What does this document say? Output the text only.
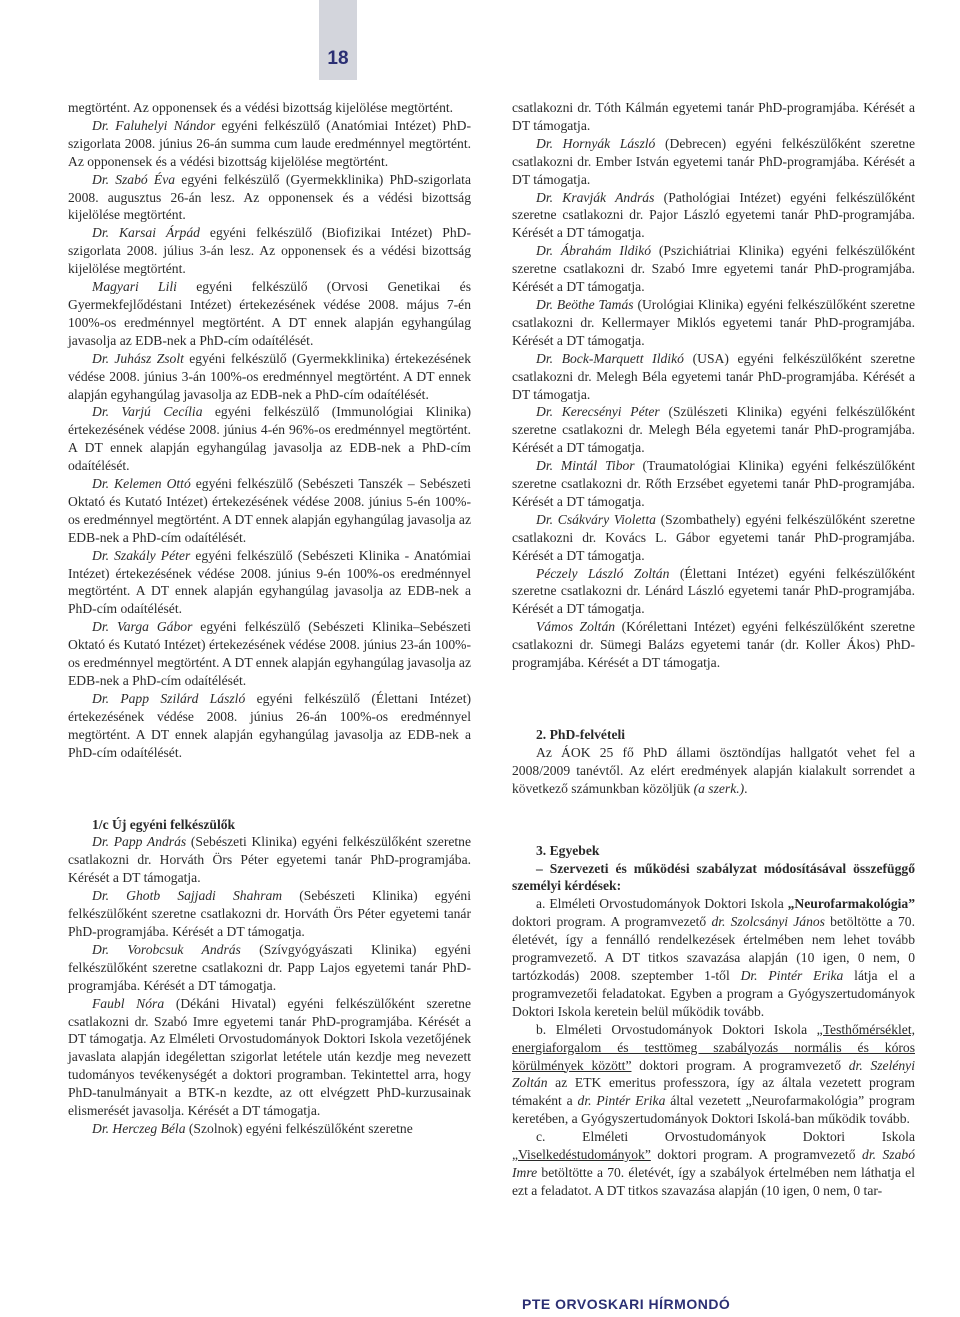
18

megtörtént. Az opponensek és a védési bizottság kijelölése megtörtént.

Dr. Faluhelyi Nándor egyéni felkészülő (Anatómiai Intézet) PhD-szigorlata 2008. június 26-án summa cum laude eredménnyel megtörtént. Az opponensek és a védési bizottság kijelölése megtörtént.

Dr. Szabó Éva egyéni felkészülő (Gyermekklinika) PhD-szigorlata 2008. augusztus 26-án lesz. Az opponensek és a védési bizottság kijelölése megtörtént.

Dr. Karsai Árpád egyéni felkészülő (Biofizikai Intézet) PhD-szigorlata 2008. július 3-án lesz. Az opponensek és a védési bizottság kijelölése megtörtént.

Magyari Lili egyéni felkészülő (Orvosi Genetikai és Gyermekfejlődéstani Intézet) értekezésének védése 2008. május 7-én 100%-os eredménnyel megtörtént. A DT ennek alapján egyhangúlag javasolja az EDB-nek a PhD-cím odaítélését.

Dr. Juhász Zsolt egyéni felkészülő (Gyermekklinika) értekezésének védése 2008. június 3-án 100%-os eredménnyel megtörtént. A DT ennek alapján egyhangúlag javasolja az EDB-nek a PhD-cím odaítélését.

Dr. Varjú Cecília egyéni felkészülő (Immunológiai Klinika) értekezésének védése 2008. június 4-én 96%-os eredménnyel megtörtént. A DT ennek alapján egyhangúlag javasolja az EDB-nek a PhD-cím odaítélését.

Dr. Kelemen Ottó egyéni felkészülő (Sebészeti Tanszék – Sebészeti Oktató és Kutató Intézet) értekezésének védése 2008. június 5-én 100%-os eredménnyel megtörtént. A DT ennek alapján egyhangúlag javasolja az EDB-nek a PhD-cím odaítélését.

Dr. Szakály Péter egyéni felkészülő (Sebészeti Klinika - Anatómiai Intézet) értekezésének védése 2008. június 9-én 100%-os eredménnyel megtörtént. A DT ennek alapján egyhangúlag javasolja az EDB-nek a PhD-cím odaítélését.

Dr. Varga Gábor egyéni felkészülő (Sebészeti Klinika–Sebészeti Oktató és Kutató Intézet) értekezésének védése 2008. június 23-án 100%-os eredménnyel megtörtént. A DT ennek alapján egyhangúlag javasolja az EDB-nek a PhD-cím odaítélését.

Dr. Papp Szilárd László egyéni felkészülő (Élettani Intézet) értekezésének védése 2008. június 26-án 100%-os eredménnyel megtörtént. A DT ennek alapján egyhangúlag javasolja az EDB-nek a PhD-cím odaítélését.

1/c Új egyéni felkészülők

Dr. Papp András (Sebészeti Klinika) egyéni felkészülőként szeretne csatlakozni dr. Horváth Örs Péter egyetemi tanár PhD-programjába. Kérését a DT támogatja.

Dr. Ghotb Sajjadi Shahram (Sebészeti Klinika) egyéni felkészülőként szeretne csatlakozni dr. Horváth Örs Péter egyetemi tanár PhD-programjába. Kérését a DT támogatja.

Dr. Vorobcsuk András (Szívgyógyászati Klinika) egyéni felkészülőként szeretne csatlakozni dr. Papp Lajos egyetemi tanár PhD-programjába. Kérését a DT támogatja.

Faubl Nóra (Dékáni Hivatal) egyéni felkészülőként szeretne csatlakozni dr. Szabó Imre egyetemi tanár PhD-programjába. Kérését a DT támogatja. Az Elméleti Orvostudományok Doktori Iskola vezetőjének javaslata alapján idegélettan szigorlat letétele után kezdje meg nevezett tudományos tevékenységét a doktori programban. Tekintettel arra, hogy PhD-tanulmányait a BTK-n kezdte, az ott elvégzett PhD-kurzusainak elismerését javasolja. Kérését a DT támogatja.

Dr. Herczeg Béla (Szolnok) egyéni felkészülőként szeretne

csatlakozni dr. Tóth Kálmán egyetemi tanár PhD-programjába. Kérését a DT támogatja.

Dr. Hornyák László (Debrecen) egyéni felkészülőként szeretne csatlakozni dr. Ember István egyetemi tanár PhD-programjába. Kérését a DT támogatja.

Dr. Kravják András (Pathológiai Intézet) egyéni felkészülőként szeretne csatlakozni dr. Pajor László egyetemi tanár PhD-programjába. Kérését a DT támogatja.

Dr. Ábrahám Ildikó (Pszichiátriai Klinika) egyéni felkészülőként szeretne csatlakozni dr. Szabó Imre egyetemi tanár PhD-programjába. Kérését a DT támogatja.

Dr. Beöthe Tamás (Urológiai Klinika) egyéni felkészülőként szeretne csatlakozni dr. Kellermayer Miklós egyetemi tanár PhD-programjába. Kérését a DT támogatja.

Dr. Bock-Marquett Ildikó (USA) egyéni felkészülőként szeretne csatlakozni dr. Melegh Béla egyetemi tanár PhD-programjába. Kérését a DT támogatja.

Dr. Kerecsényi Péter (Szülészeti Klinika) egyéni felkészülőként szeretne csatlakozni dr. Melegh Béla egyetemi tanár PhD-programjába. Kérését a DT támogatja.

Dr. Mintál Tibor (Traumatológiai Klinika) egyéni felkészülőként szeretne csatlakozni dr. Rőth Erzsébet egyetemi tanár PhD-programjába. Kérését a DT támogatja.

Dr. Csákváry Violetta (Szombathely) egyéni felkészülőként szeretne csatlakozni dr. Kovács L. Gábor egyetemi tanár PhD-programjába. Kérését a DT támogatja.

Péczely László Zoltán (Élettani Intézet) egyéni felkészülőként szeretne csatlakozni dr. Lénárd László egyetemi tanár PhD-programjába. Kérését a DT támogatja.

Vámos Zoltán (Kórélettani Intézet) egyéni felkészülőként szeretne csatlakozni dr. Sümegi Balázs egyetemi tanár (dr. Koller Ákos) PhD-programjába. Kérését a DT támogatja.

2. PhD-felvételi

Az ÁOK 25 fő PhD állami ösztöndíjas hallgatót vehet fel a 2008/2009 tanévtől. Az elért eredmények alapján kialakult sorrendet a következő számunkban közöljük (a szerk.).

3. Egyebek

– Szervezeti és működési szabályzat módosításával összefüggő személyi kérdések:

a. Elméleti Orvostudományok Doktori Iskola „Neurofarmakológia” doktori program. A programvezető dr. Szolcsányi János betöltötte a 70. életévét, így a fennálló rendelkezések értelmében nem lehet tovább programvezető. A DT titkos szavazása alapján (10 igen, 0 nem, 0 tartózkodás) 2008. szeptember 1-től Dr. Pintér Erika látja el a programvezetői feladatokat. Egyben a program a Gyógyszertudományok Doktori Iskola keretein belül működik tovább.

b. Elméleti Orvostudományok Doktori Iskola „Testhőmérséklet, energiaforgalom és testtömeg szabályozás normális és kóros körülmények között” doktori program. A programvezető dr. Szelényi Zoltán az ETK emeritus professzora, így az általa vezetett program témaként a dr. Pintér Erika által vezetett „Neurofarmakológia” program keretében, a Gyógyszertudományok Doktori Iskolá-ban működik tovább.

c. Elméleti Orvostudományok Doktori Iskola „Viselkedéstudományok” doktori program. A programvezető dr. Szabó Imre betöltötte a 70. életévét, így a szabályok értelmében nem láthatja el ezt a feladatot. A DT titkos szavazása alapján (10 igen, 0 nem, 0 tar-

PTE ORVOSKARI HÍRMONDÓ
